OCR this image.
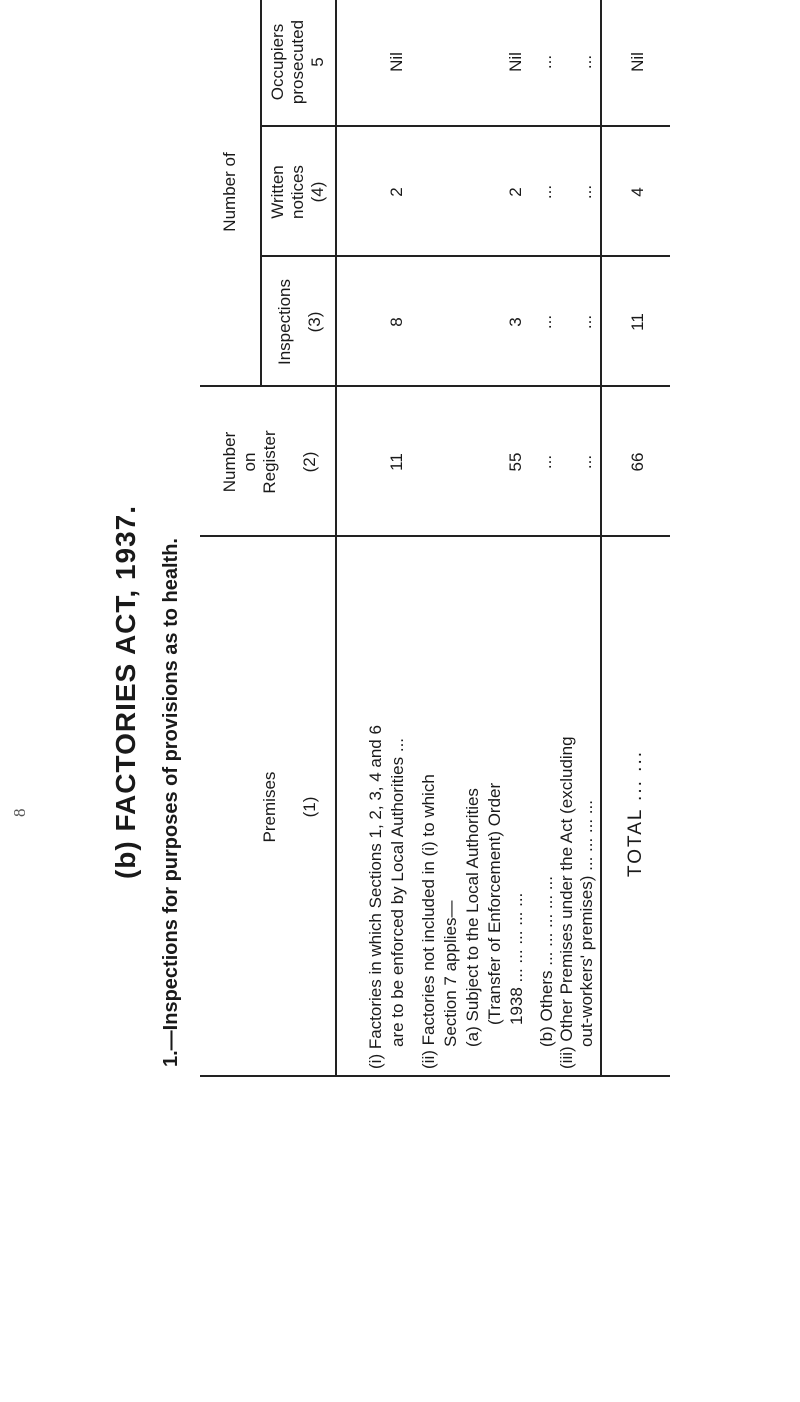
8	(b) FACTORIES ACT, 1937. 1.—Inspections for purposes of provisions as to health.	Premises (1)
Number on Register (2)
Number of
Inspections (3)
Written notices (4)
Occupiers prosecuted 5
(i) Factories in which Sections 1, 2, 3, 4 and 6 are to be enforced by Local Authorities ...
11
8
2
Nil
(ii) Factories not included in (i) to which Section 7 applies— (a) Subject to the Local Authorities (Transfer of Enforcement) Order 1938 ... ... ... ... ...
55
3
2
Nil
(b) Others ... ... ... ... ...
...
...
...
...
(iii) Other Premises under the Act (excluding out-workers' premises) ... ... ... ...
...
...
...
...
TOTAL ... ...
66
11
4
Nil
